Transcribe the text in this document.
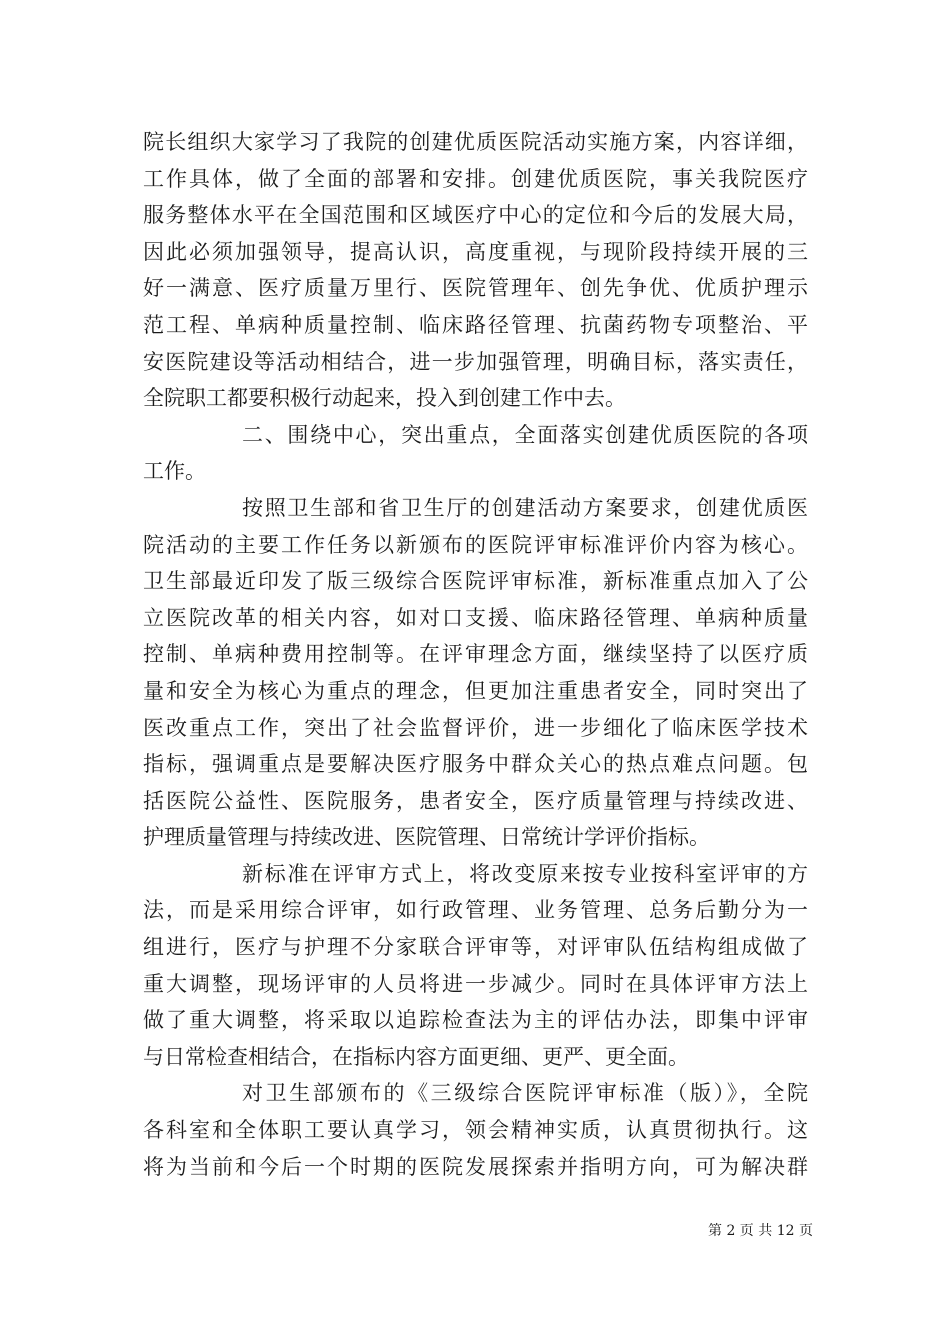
院长组织大家学习了我院的创建优质医院活动实施方案，内容详细，
工作具体，做了全面的部署和安排。创建优质医院，事关我院医疗
服务整体水平在全国范围和区域医疗中心的定位和今后的发展大局，
因此必须加强领导，提高认识，高度重视，与现阶段持续开展的三
好一满意、医疗质量万里行、医院管理年、创先争优、优质护理示
范工程、单病种质量控制、临床路径管理、抗菌药物专项整治、平
安医院建设等活动相结合，进一步加强管理，明确目标，落实责任，
全院职工都要积极行动起来，投入到创建工作中去。
二、围绕中心，突出重点，全面落实创建优质医院的各项
工作。
按照卫生部和省卫生厅的创建活动方案要求，创建优质医
院活动的主要工作任务以新颁布的医院评审标准评价内容为核心。
卫生部最近印发了版三级综合医院评审标准，新标准重点加入了公
立医院改革的相关内容，如对口支援、临床路径管理、单病种质量
控制、单病种费用控制等。在评审理念方面，继续坚持了以医疗质
量和安全为核心为重点的理念，但更加注重患者安全，同时突出了
医改重点工作，突出了社会监督评价，进一步细化了临床医学技术
指标，强调重点是要解决医疗服务中群众关心的热点难点问题。包
括医院公益性、医院服务，患者安全，医疗质量管理与持续改进、
护理质量管理与持续改进、医院管理、日常统计学评价指标。
新标准在评审方式上，将改变原来按专业按科室评审的方
法，而是采用综合评审，如行政管理、业务管理、总务后勤分为一
组进行，医疗与护理不分家联合评审等，对评审队伍结构组成做了
重大调整，现场评审的人员将进一步减少。同时在具体评审方法上
做了重大调整，将采取以追踪检查法为主的评估办法，即集中评审
与日常检查相结合，在指标内容方面更细、更严、更全面。
对卫生部颁布的《三级综合医院评审标准（版）》，全院
各科室和全体职工要认真学习，领会精神实质，认真贯彻执行。这
将为当前和今后一个时期的医院发展探索并指明方向，可为解决群
第 2 页 共 12 页
